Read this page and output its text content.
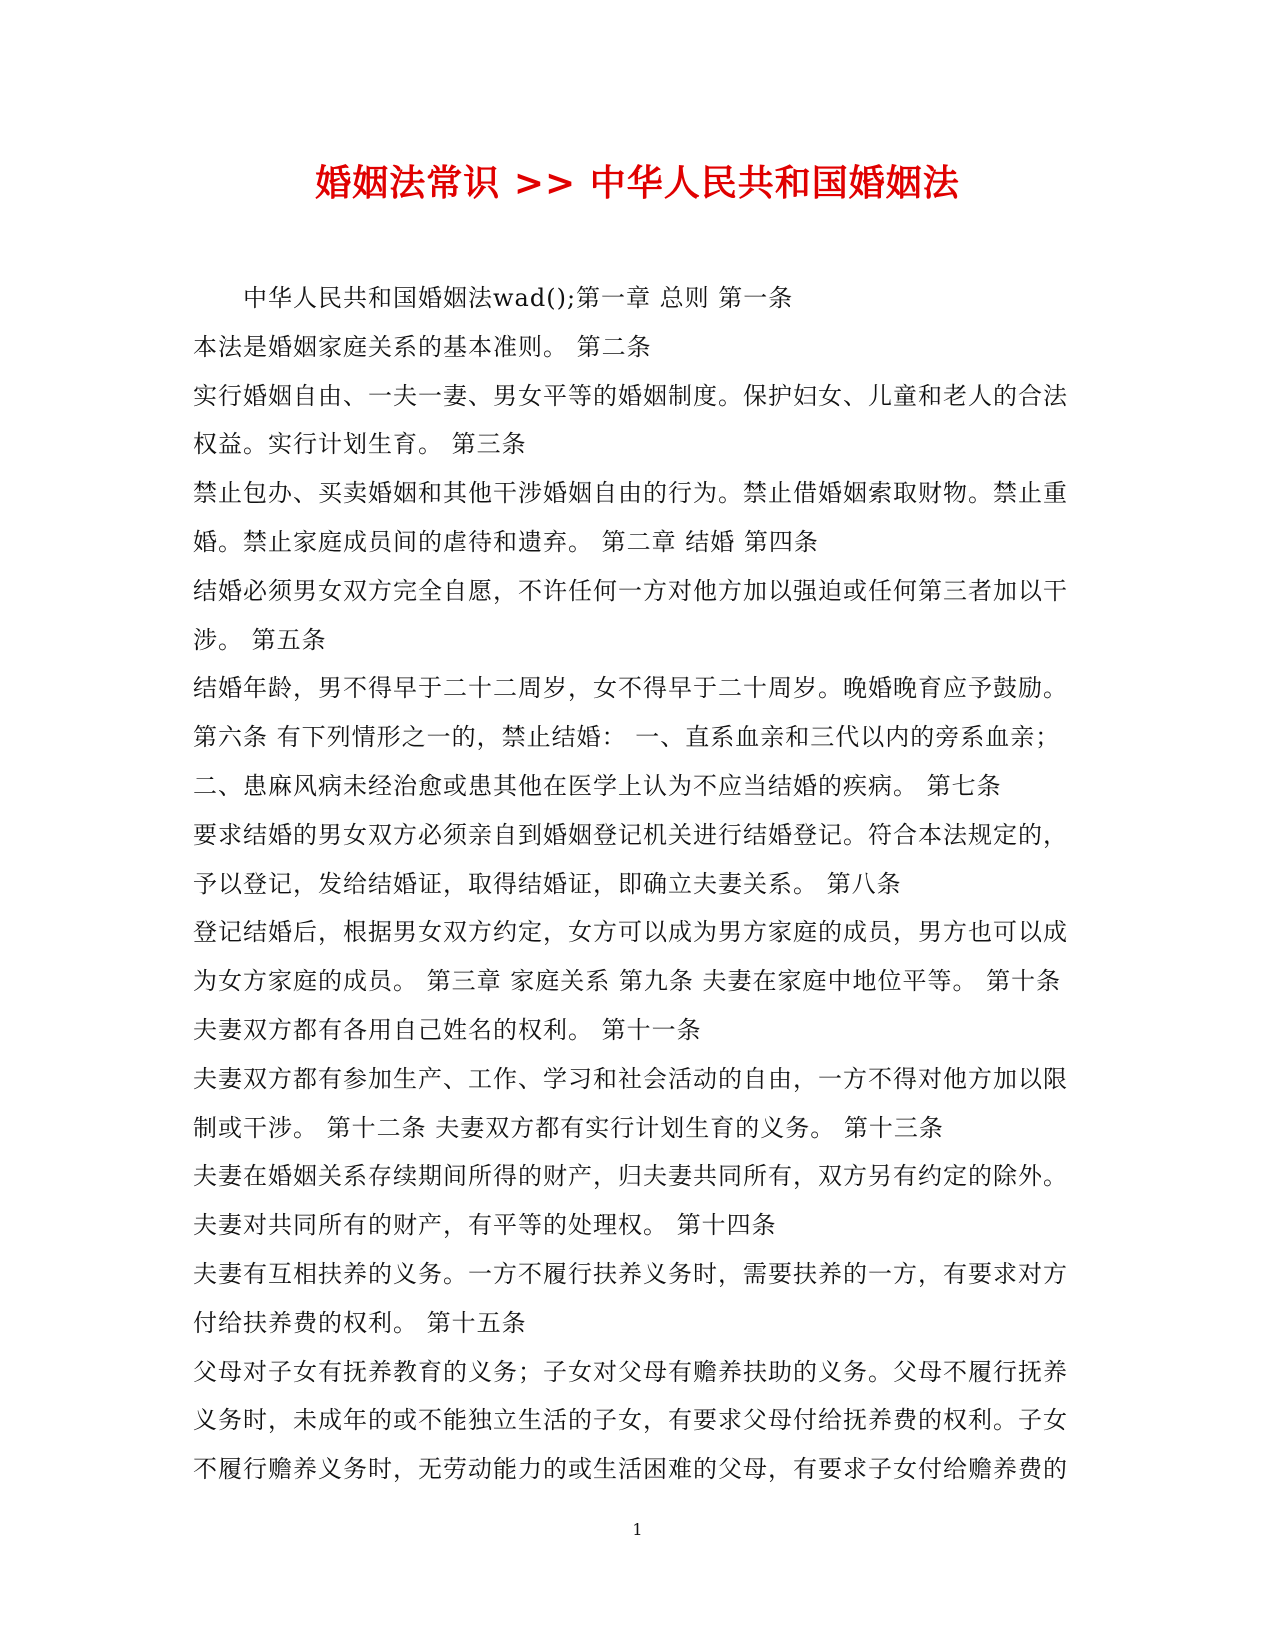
婚姻法常识 >> 中华人民共和国婚姻法
中华人民共和国婚姻法wad();第一章 总则 第一条
本法是婚姻家庭关系的基本准则。 第二条
实行婚姻自由、一夫一妻、男女平等的婚姻制度。保护妇女、儿童和老人的合法
权益。实行计划生育。 第三条
禁止包办、买卖婚姻和其他干涉婚姻自由的行为。禁止借婚姻索取财物。禁止重
婚。禁止家庭成员间的虐待和遗弃。 第二章 结婚 第四条
结婚必须男女双方完全自愿，不许任何一方对他方加以强迫或任何第三者加以干
涉。 第五条
结婚年龄，男不得早于二十二周岁，女不得早于二十周岁。晚婚晚育应予鼓励。
第六条 有下列情形之一的，禁止结婚： 一、直系血亲和三代以内的旁系血亲；
二、患麻风病未经治愈或患其他在医学上认为不应当结婚的疾病。 第七条
要求结婚的男女双方必须亲自到婚姻登记机关进行结婚登记。符合本法规定的，
予以登记，发给结婚证，取得结婚证，即确立夫妻关系。 第八条
登记结婚后，根据男女双方约定，女方可以成为男方家庭的成员，男方也可以成
为女方家庭的成员。 第三章 家庭关系 第九条 夫妻在家庭中地位平等。 第十条
夫妻双方都有各用自己姓名的权利。 第十一条
夫妻双方都有参加生产、工作、学习和社会活动的自由，一方不得对他方加以限
制或干涉。 第十二条 夫妻双方都有实行计划生育的义务。 第十三条
夫妻在婚姻关系存续期间所得的财产，归夫妻共同所有，双方另有约定的除外。
夫妻对共同所有的财产，有平等的处理权。 第十四条
夫妻有互相扶养的义务。一方不履行扶养义务时，需要扶养的一方，有要求对方
付给扶养费的权利。 第十五条
父母对子女有抚养教育的义务；子女对父母有赡养扶助的义务。父母不履行抚养
义务时，未成年的或不能独立生活的子女，有要求父母付给抚养费的权利。子女
不履行赡养义务时，无劳动能力的或生活困难的父母，有要求子女付给赡养费的
1
